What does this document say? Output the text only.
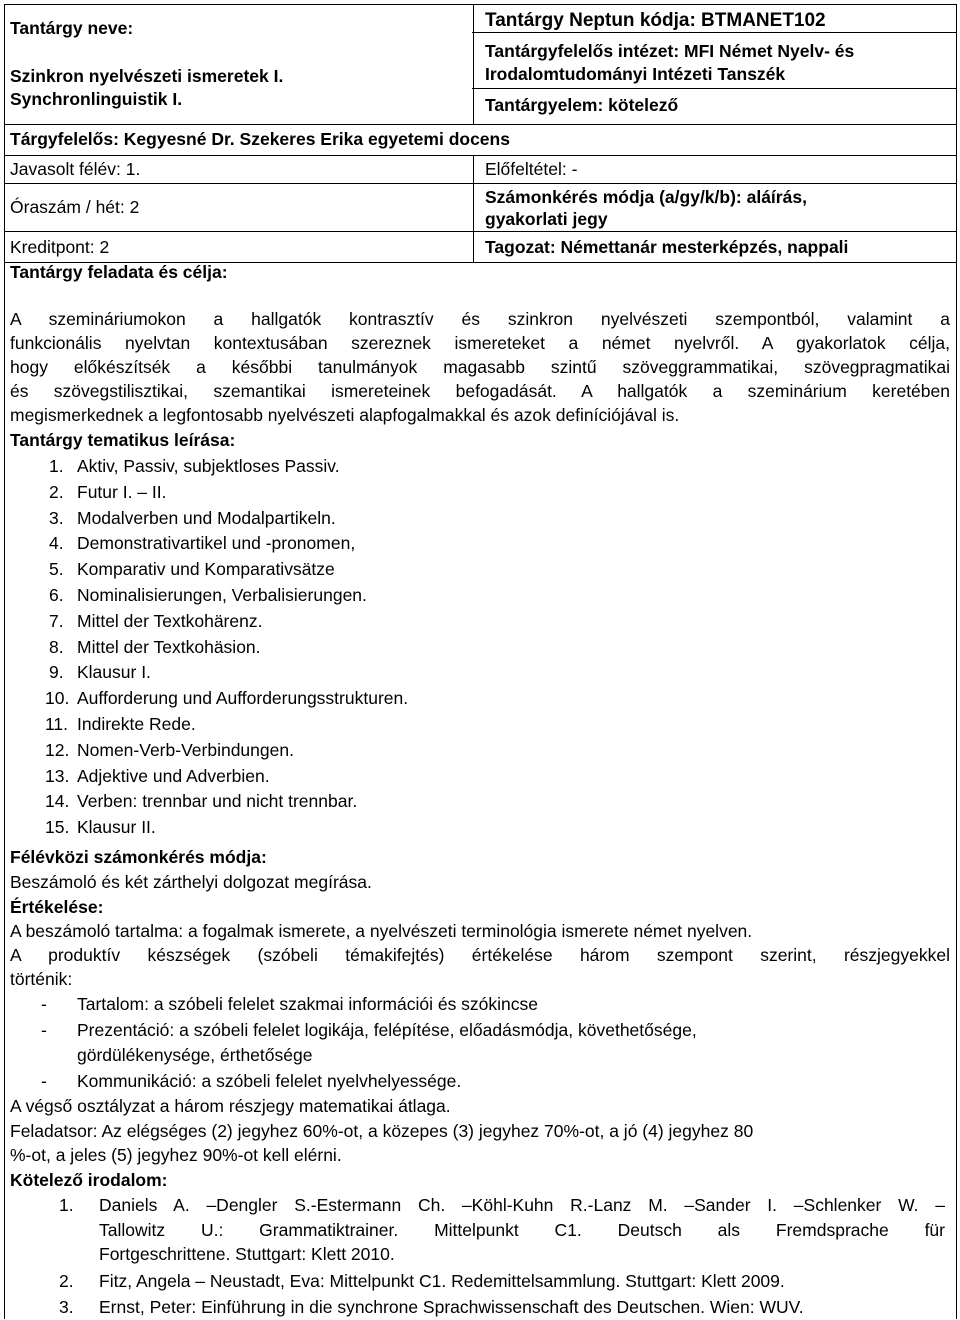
Tantárgy neve:
Szinkron nyelvészeti ismeretek I.
Synchronlinguistik I.
Tantárgy Neptun kódja: BTMANET102
Tantárgyfelelős intézet: MFI Német Nyelv- és
Irodalomtudományi Intézeti Tanszék
Tantárgyelem: kötelező
Tárgyfelelős: Kegyesné Dr. Szekeres Erika egyetemi docens
Javasolt félév: 1.	Előfeltétel: -
Óraszám / hét: 2	Számonkérés módja (a/gy/k/b): aláírás,
gyakorlati jegy
Kreditpont: 2	Tagozat: Némettanár mesterképzés, nappali
Tantárgy feladata és célja:
A szemináriumokon a hallgatók kontrasztív és szinkron nyelvészeti szempontból, valamint a
funkcionális nyelvtan kontextusában szereznek ismereteket a német nyelvről. A gyakorlatok célja,
hogy előkészítsék a későbbi tanulmányok magasabb szintű szöveggrammatikai, szövegpragmatikai
és szövegstilisztikai, szemantikai ismereteinek befogadását. A hallgatók a szeminárium keretében
megismerkednek a legfontosabb nyelvészeti alapfogalmakkal és azok definíciójával is.
Tantárgy tematikus leírása:
1. Aktiv, Passiv, subjektloses Passiv.
2. Futur I. – II.
3. Modalverben und Modalpartikeln.
4. Demonstrativartikel und -pronomen,
5. Komparativ und Komparativsätze
6. Nominalisierungen, Verbalisierungen.
7. Mittel der Textkohärenz.
8. Mittel der Textkohäsion.
9. Klausur I.
10. Aufforderung und Aufforderungsstrukturen.
11. Indirekte Rede.
12. Nomen-Verb-Verbindungen.
13. Adjektive und Adverbien.
14. Verben: trennbar und nicht trennbar.
15. Klausur II.
Félévközi számonkérés módja:
Beszámoló és két zárthelyi dolgozat megírása.
Értékelése:
A beszámoló tartalma: a fogalmak ismerete, a nyelvészeti terminológia ismerete német nyelven.
A produktív készségek (szóbeli témakifejtés) értékelése három szempont szerint, részjegyekkel
történik:
- Tartalom: a szóbeli felelet szakmai információi és szókincse
- Prezentáció: a szóbeli felelet logikája, felépítése, előadásmódja, követhetősége,
gördülékenysége, érthetősége
- Kommunikáció: a szóbeli felelet nyelvhelyessége.
A végső osztályzat a három részjegy matematikai átlaga.
Feladatsor: Az elégséges (2) jegyhez 60%-ot, a közepes (3) jegyhez 70%-ot, a jó (4) jegyhez 80
%-ot, a jeles (5) jegyhez 90%-ot kell elérni.
Kötelező irodalom:
1. Daniels A. –Dengler S.-Estermann Ch. –Köhl-Kuhn R.-Lanz M. –Sander I. –Schlenker W. –
Tallowitz U.: Grammatiktrainer. Mittelpunkt C1. Deutsch als Fremdsprache für
Fortgeschrittene. Stuttgart: Klett 2010.
2. Fitz, Angela – Neustadt, Eva: Mittelpunkt C1. Redemittelsammlung. Stuttgart: Klett 2009.
3. Ernst, Peter: Einführung in die synchrone Sprachwissenschaft des Deutschen. Wien: WUV.
